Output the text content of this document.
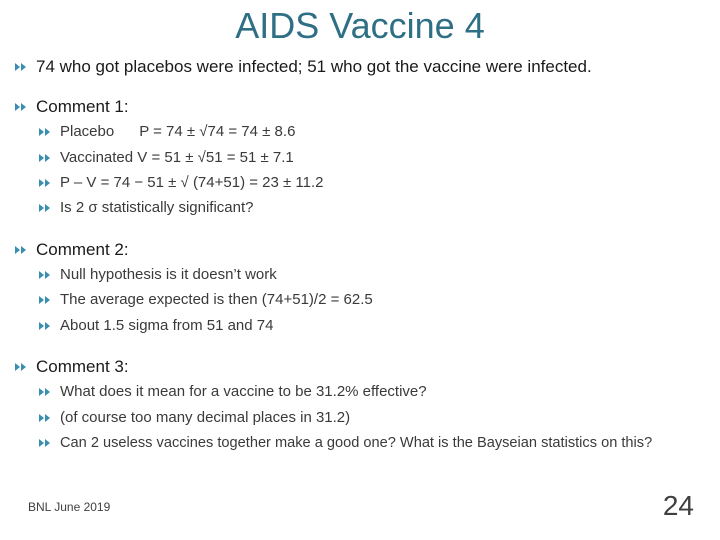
AIDS Vaccine 4
74 who got placebos were infected; 51 who got the vaccine were infected.
Comment 1:
Placebo      P = 74 ± √74 = 74 ± 8.6
Vaccinated V = 51 ± √51 = 51 ± 7.1
P – V = 74 − 51 ± √ (74+51) = 23 ± 11.2
Is 2 σ statistically significant?
Comment 2:
Null hypothesis is it doesn’t work
The average expected is then (74+51)/2 = 62.5
About 1.5 sigma from 51 and 74
Comment 3:
What does it mean for a vaccine to be 31.2% effective?
(of course too many decimal places in 31.2)
Can 2 useless vaccines together make a good one? What is the Bayseian statistics on this?
BNL June 2019	24
